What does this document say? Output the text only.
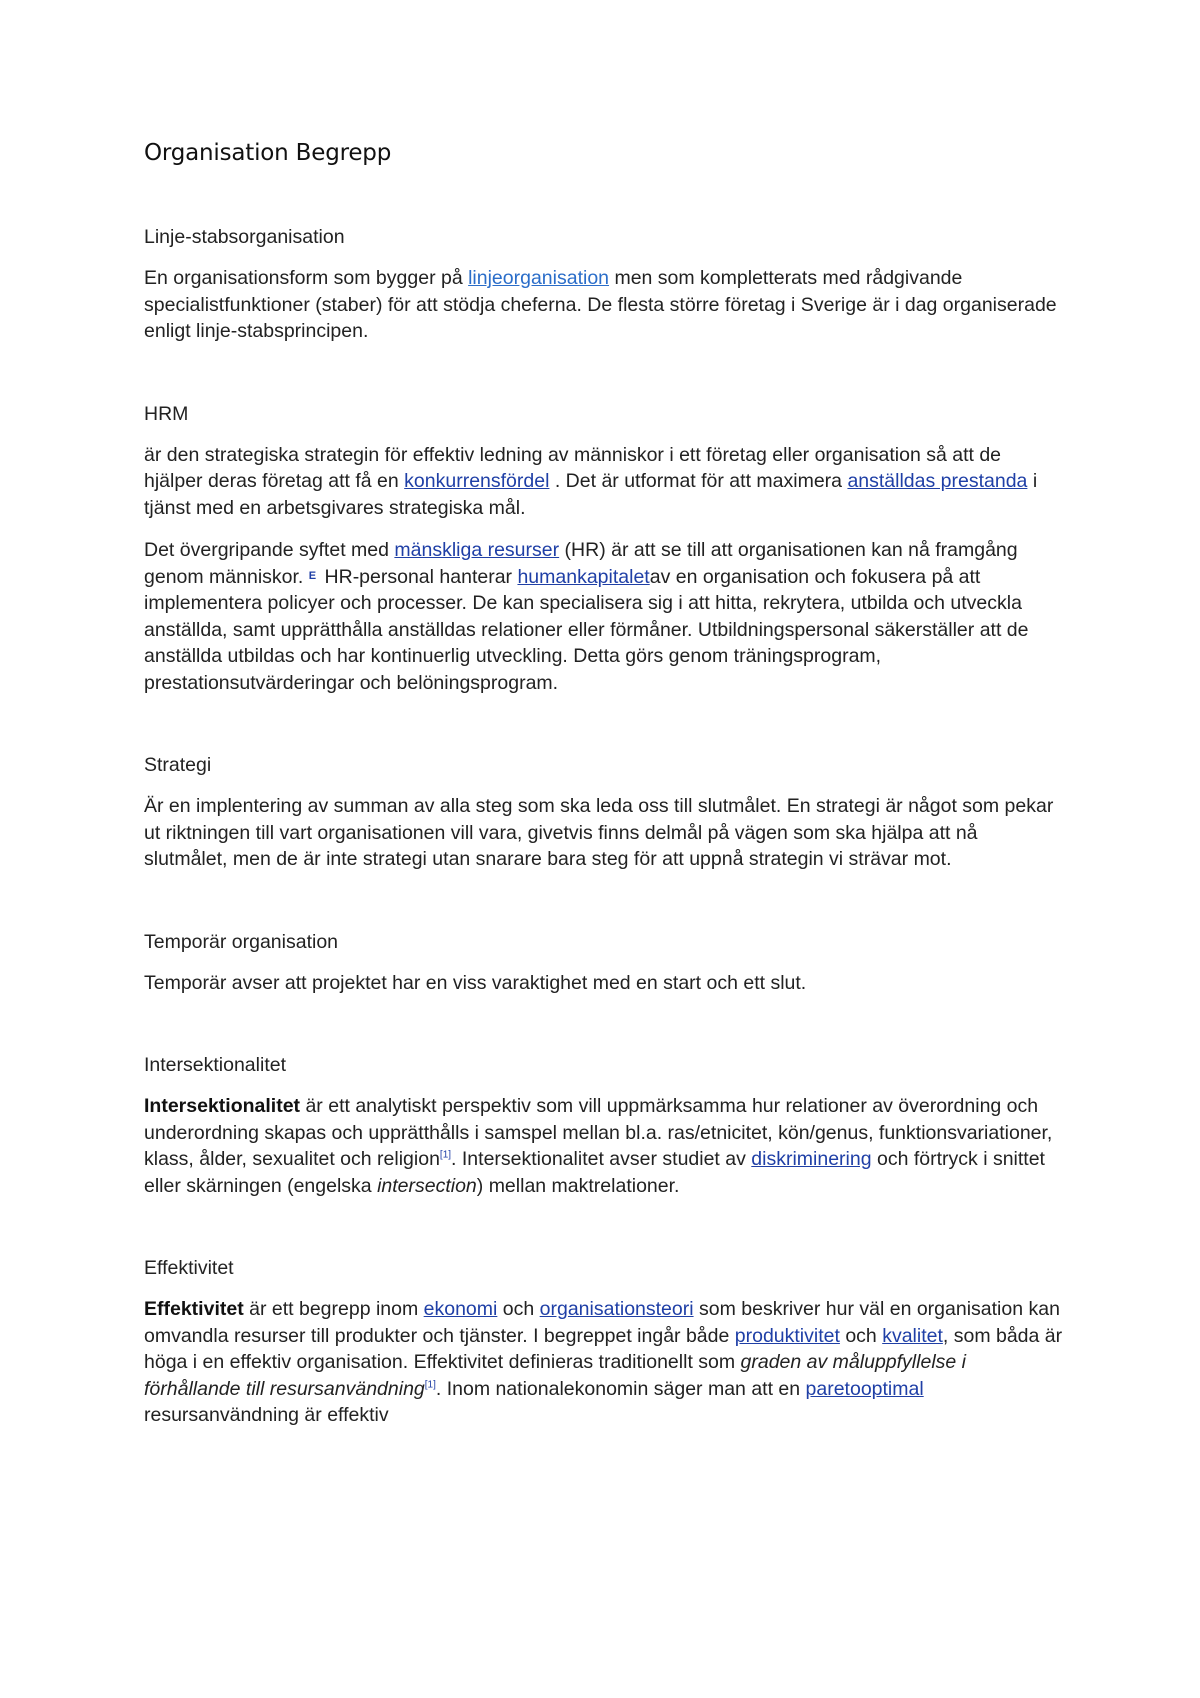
Organisation Begrepp
Linje-stabsorganisation

En organisationsform som bygger på linjeorganisation men som kompletterats med rådgivande specialistfunktioner (staber) för att stödja cheferna. De flesta större företag i Sverige är i dag organiserade enligt linje-stabsprincipen.

HRM

är den strategiska strategin för effektiv ledning av människor i ett företag eller organisation så att de hjälper deras företag att få en konkurrensfördel . Det är utformat för att maximera anställdas prestanda i tjänst med en arbetsgivares strategiska mål.

Det övergripande syftet med mänskliga resurser (HR) är att se till att organisationen kan nå framgång genom människor. E HR-personal hanterar humankapitaletav en organisation och fokusera på att implementera policyer och processer. De kan specialisera sig i att hitta, rekrytera, utbilda och utveckla anställda, samt upprätthålla anställdas relationer eller förmåner. Utbildningspersonal säkerställer att de anställda utbildas och har kontinuerlig utveckling. Detta görs genom träningsprogram, prestationsutvärderingar och belöningsprogram.

Strategi

Är en implentering av summan av alla steg som ska leda oss till slutmålet. En strategi är något som pekar ut riktningen till vart organisationen vill vara, givetvis finns delmål på vägen som ska hjälpa att nå slutmålet, men de är inte strategi utan snarare bara steg för att uppnå strategin vi strävar mot.

Temporär organisation

Temporär avser att projektet har en viss varaktighet med en start och ett slut.

Intersektionalitet

Intersektionalitet är ett analytiskt perspektiv som vill uppmärksamma hur relationer av överordning och underordning skapas och upprätthålls i samspel mellan bl.a. ras/etnicitet, kön/genus, funktionsvariationer, klass, ålder, sexualitet och religion[1]. Intersektionalitet avser studiet av diskriminering och förtryck i snittet eller skärningen (engelska intersection) mellan maktrelationer.

Effektivitet

Effektivitet är ett begrepp inom ekonomi och organisationsteori som beskriver hur väl en organisation kan omvandla resurser till produkter och tjänster. I begreppet ingår både produktivitet och kvalitet, som båda är höga i en effektiv organisation. Effektivitet definieras traditionellt som graden av måluppfyllelse i förhållande till resursanvändning[1]. Inom nationalekonomin säger man att en paretooptimal resursanvändning är effektiv
